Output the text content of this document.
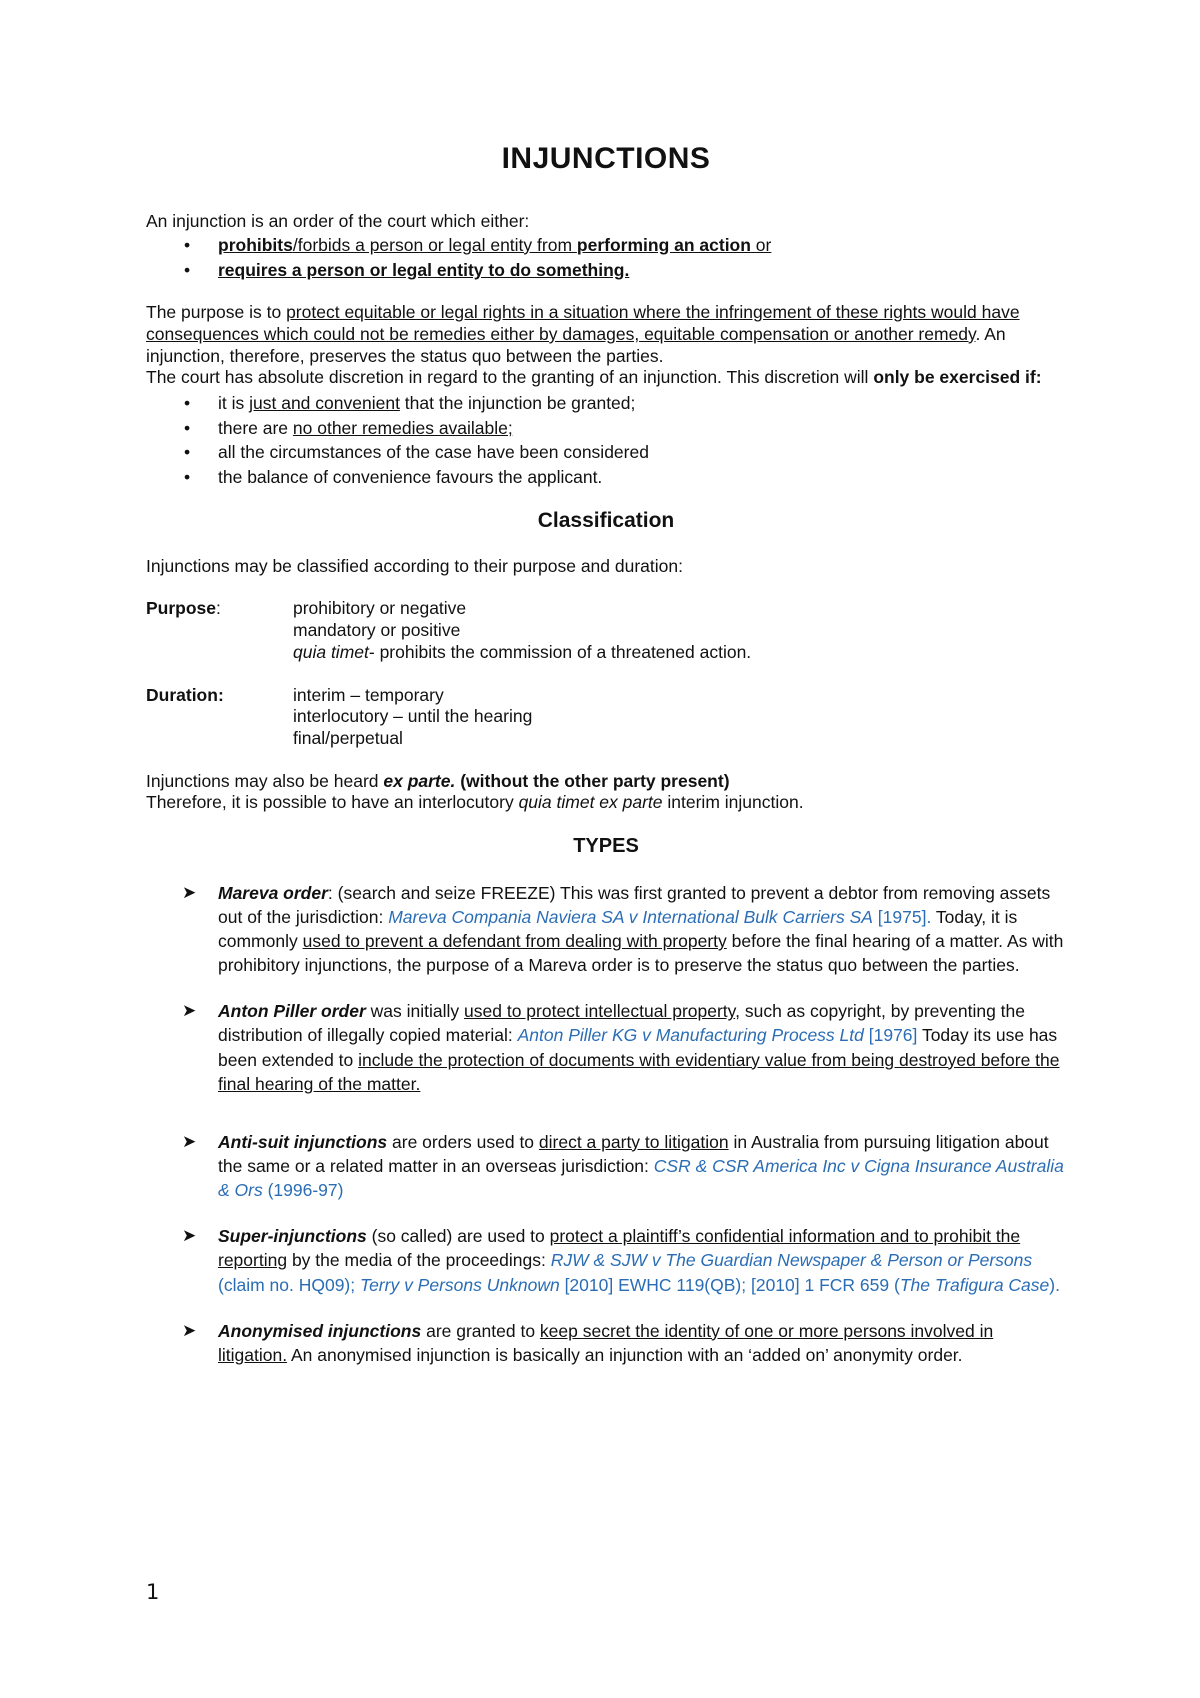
INJUNCTIONS

An injunction is an order of the court which either:

• prohibits/forbids a person or legal entity from performing an action or
• requires a person or legal entity to do something.

The purpose is to protect equitable or legal rights in a situation where the infringement of these rights would have consequences which could not be remedies either by damages, equitable compensation or another remedy. An injunction, therefore, preserves the status quo between the parties.

The court has absolute discretion in regard to the granting of an injunction. This discretion will only be exercised if:

• it is just and convenient that the injunction be granted;
• there are no other remedies available;
• all the circumstances of the case have been considered
• the balance of convenience favours the applicant.
Classification

Injunctions may be classified according to their purpose and duration:

Purpose:	prohibitory or negative
mandatory or positive
quia timet- prohibits the commission of a threatened action.
Duration:	interim – temporary
interlocutory – until the hearing
final/perpetual

Injunctions may also be heard ex parte. (without the other party present)

Therefore, it is possible to have an interlocutory quia timet ex parte interim injunction.

TYPES
➤ Mareva order: (search and seize FREEZE) This was first granted to prevent a debtor from removing assets out of the jurisdiction: Mareva Compania Naviera SA v International Bulk Carriers SA [1975]. Today, it is commonly used to prevent a defendant from dealing with property before the final hearing of a matter. As with prohibitory injunctions, the purpose of a Mareva order is to preserve the status quo between the parties.
➤ Anton Piller order was initially used to protect intellectual property, such as copyright, by preventing the distribution of illegally copied material: Anton Piller KG v Manufacturing Process Ltd [1976] Today its use has been extended to include the protection of documents with evidentiary value from being destroyed before the final hearing of the matter.
➤ Anti-suit injunctions are orders used to direct a party to litigation in Australia from pursuing litigation about the same or a related matter in an overseas jurisdiction: CSR & CSR America Inc v Cigna Insurance Australia & Ors (1996-97)
➤ Super-injunctions (so called) are used to protect a plaintiff’s confidential information and to prohibit the reporting by the media of the proceedings: RJW & SJW v The Guardian Newspaper & Person or Persons (claim no. HQ09); Terry v Persons Unknown [2010] EWHC 119(QB); [2010] 1 FCR 659 (The Trafigura Case).
➤ Anonymised injunctions are granted to keep secret the identity of one or more persons involved in litigation. An anonymised injunction is basically an injunction with an ‘added on’ anonymity order.
1
